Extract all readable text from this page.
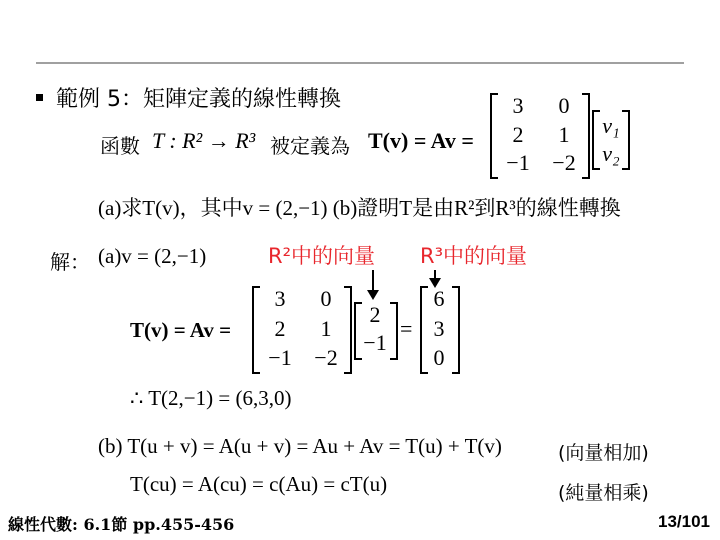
範例 5：矩陣定義的線性轉換
函數 T : R² → R³ 被定義為 T(v) = Av =
3	0
2	1
−1	−2
v₁
v₂
(a)求T(v)，其中v = (2,−1) (b)證明T是由R²到R³的線性轉換
解： (a)v = (2,−1)	R²中的向量 R³中的向量
T(v) = Av =
3	0
2	1
−1	−2
2
−1
=
6
3
0
∴ T(2,−1) = (6,3,0)
(b) T(u + v) = A(u + v) = Au + Av = T(u) + T(v)	(向量相加)
T(cu) = A(cu) = c(Au) = cT(u)	(純量相乘)
線性代數: 6.1節 pp.455-456	13/101
